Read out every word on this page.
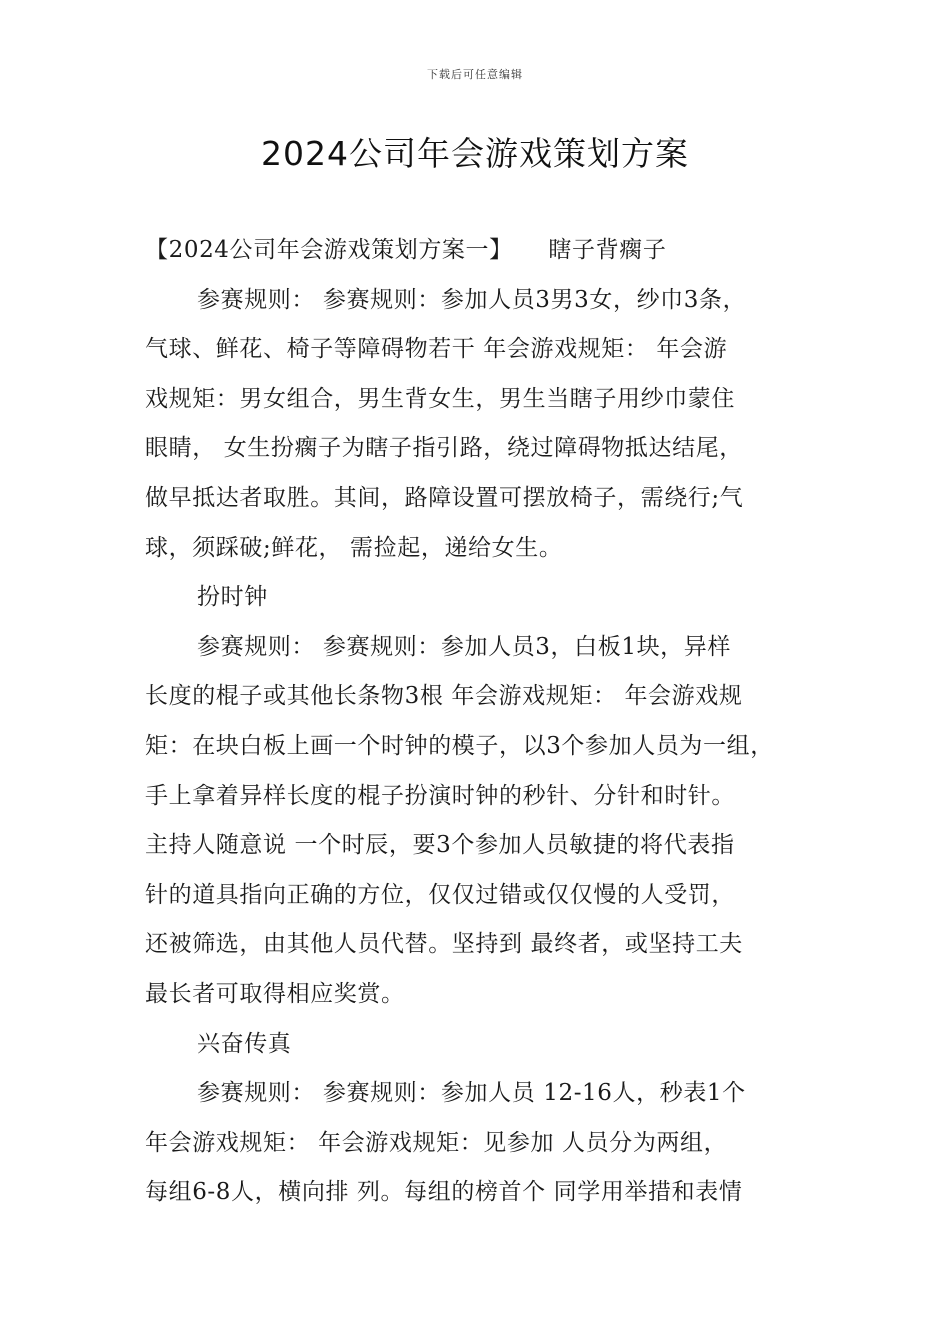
下载后可任意编辑
2024公司年会游戏策划方案
【2024公司年会游戏策划方案一】　　瞎子背瘸子
参赛规则： 参赛规则：参加人员3男3女，纱巾3条，
气球、鲜花、椅子等障碍物若干 年会游戏规矩： 年会游
戏规矩：男女组合，男生背女生，男生当瞎子用纱巾蒙住
眼睛， 女生扮瘸子为瞎子指引路，绕过障碍物抵达结尾，
做早抵达者取胜。其间，路障设置可摆放椅子，需绕行;气
球，须踩破;鲜花， 需捡起，递给女生。
扮时钟
参赛规则： 参赛规则：参加人员3，白板1块，异样
长度的棍子或其他长条物3根 年会游戏规矩： 年会游戏规
矩：在块白板上画一个时钟的模子，以3个参加人员为一组，
手上拿着异样长度的棍子扮演时钟的秒针、分针和时针。
主持人随意说 一个时辰，要3个参加人员敏捷的将代表指
针的道具指向正确的方位，仅仅过错或仅仅慢的人受罚，
还被筛选，由其他人员代替。坚持到 最终者，或坚持工夫
最长者可取得相应奖赏。
兴奋传真
参赛规则： 参赛规则：参加人员 12-16人，秒表1个
年会游戏规矩： 年会游戏规矩：见参加 人员分为两组，
每组6-8人，横向排 列。每组的榜首个 同学用举措和表情
